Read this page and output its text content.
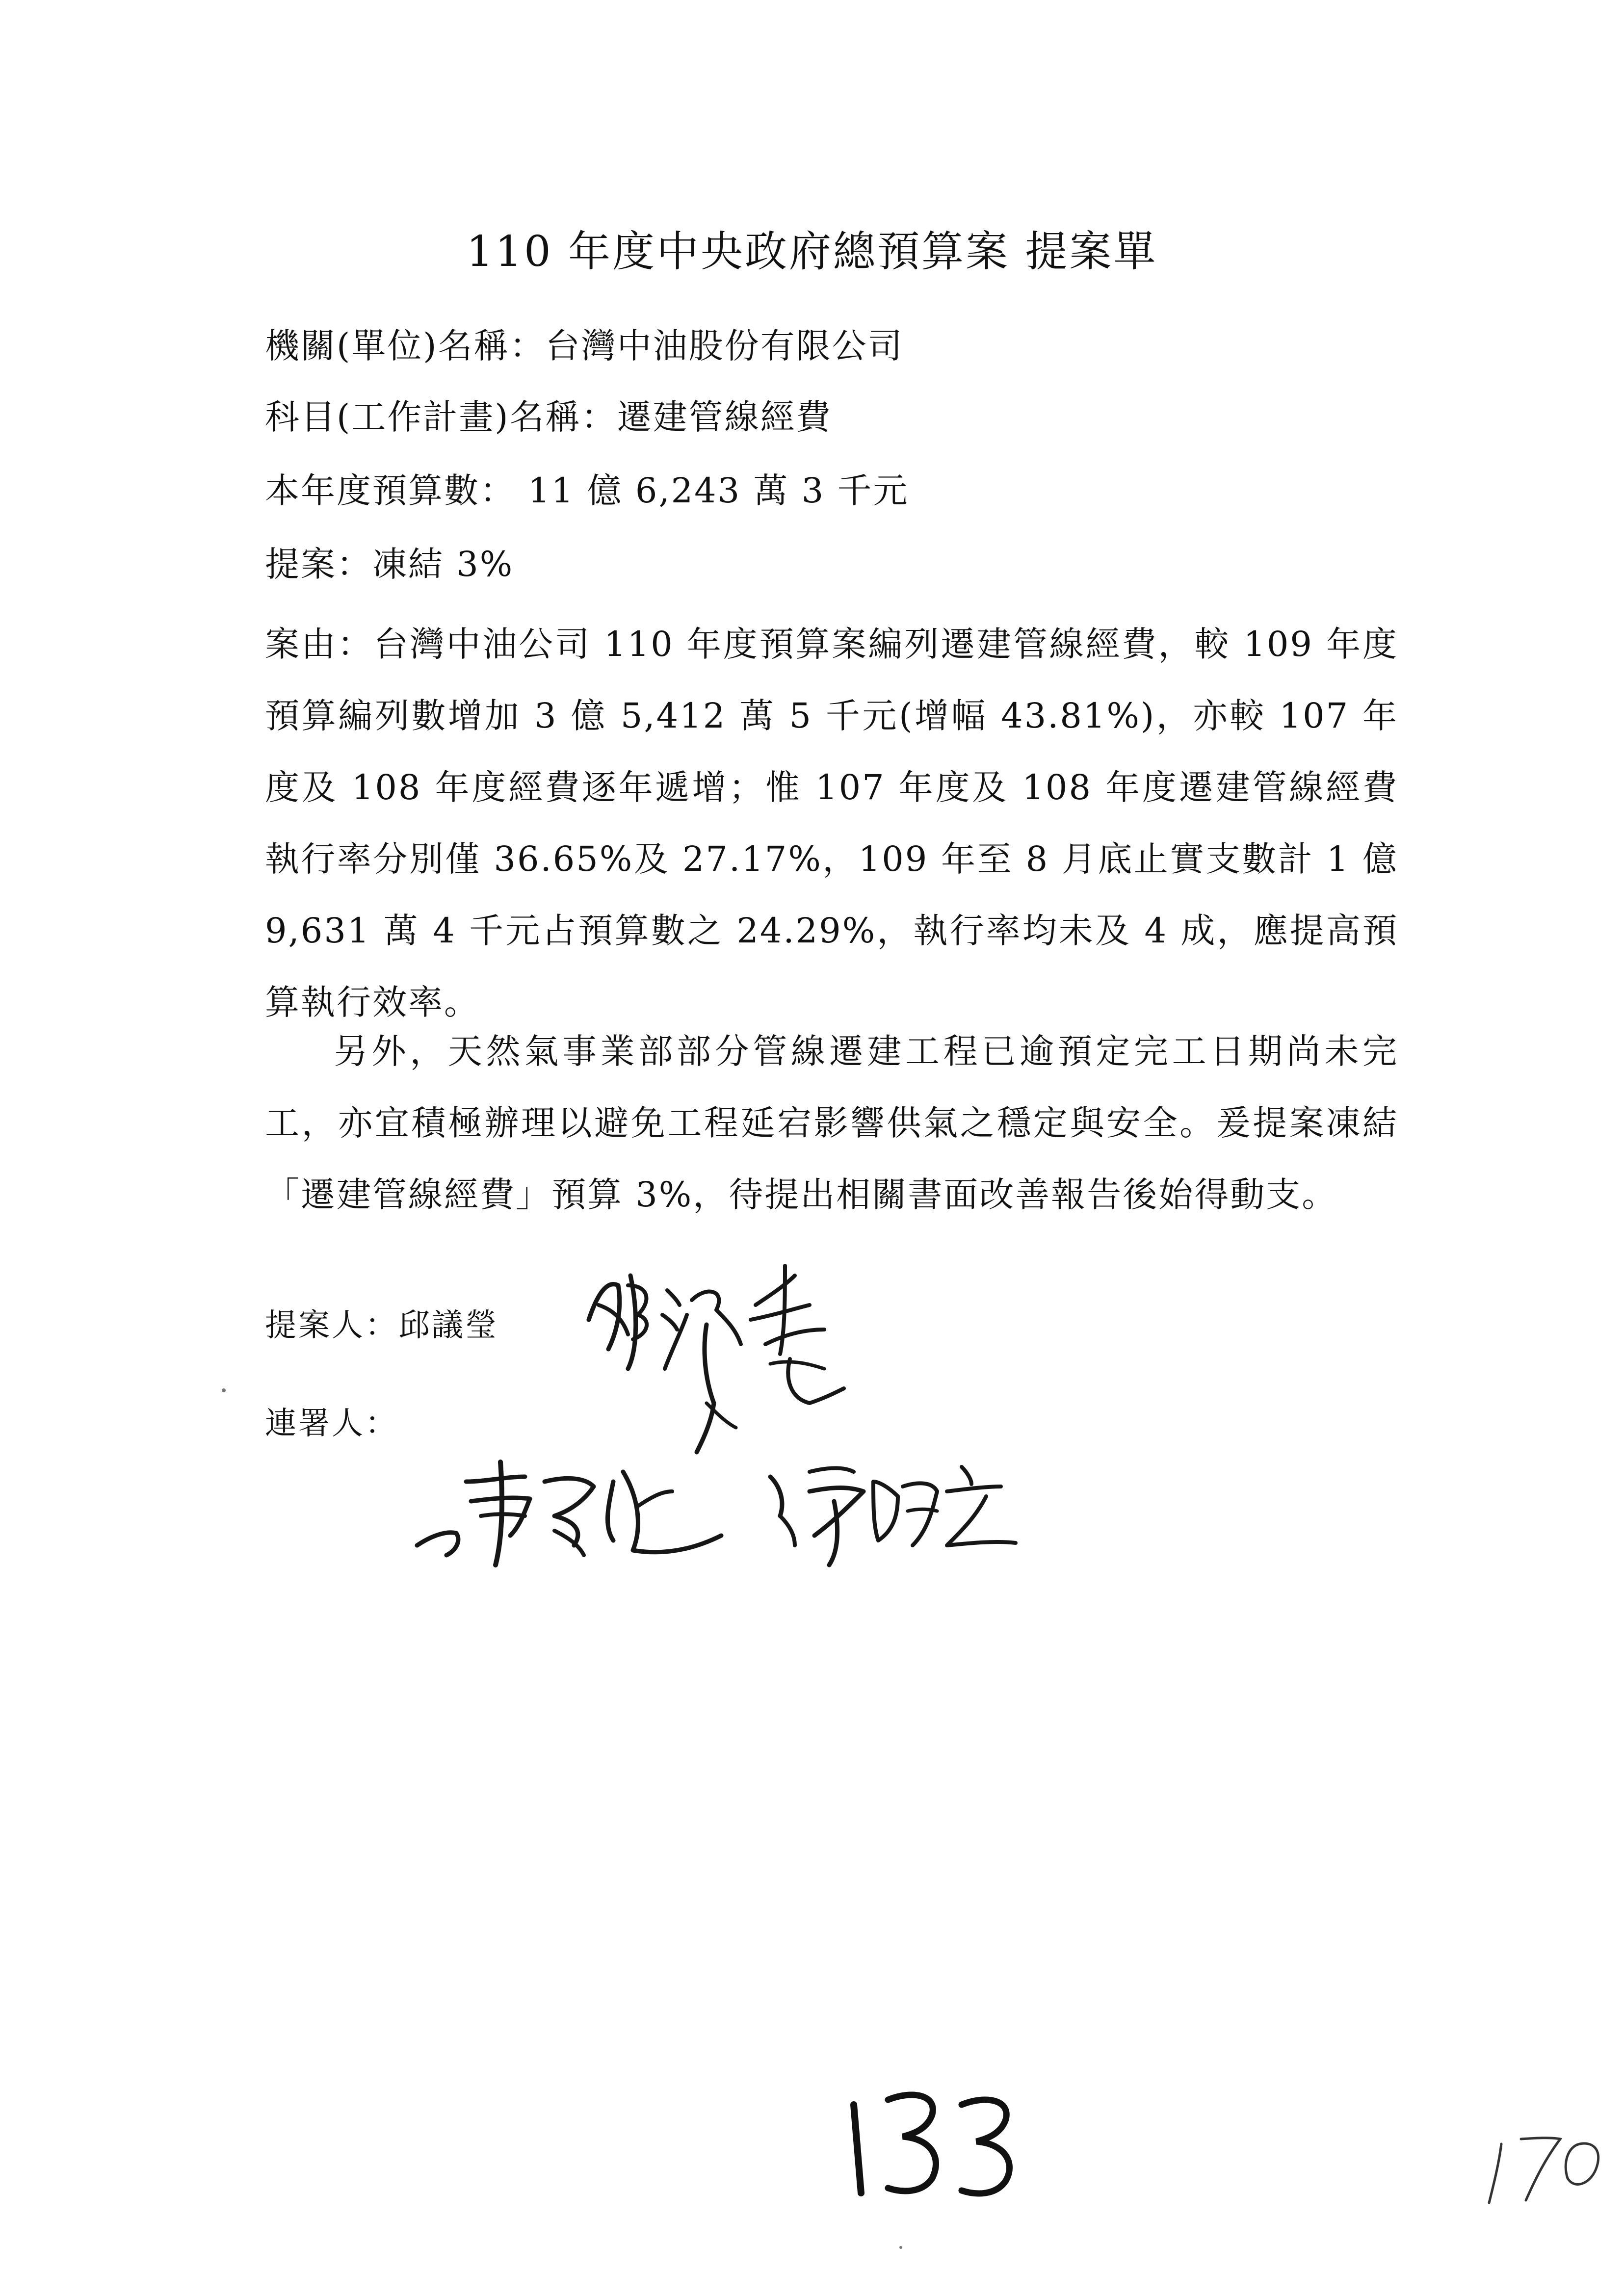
110 年度中央政府總預算案 提案單
機關(單位)名稱：台灣中油股份有限公司
科目(工作計畫)名稱：遷建管線經費
本年度預算數： 11 億 6,243 萬 3 千元
提案：凍結 3%
案由：台灣中油公司 110 年度預算案編列遷建管線經費，較 109 年度預算編列數增加 3 億 5,412 萬 5 千元(增幅 43.81%)，亦較 107 年度及 108 年度經費逐年遞增；惟 107 年度及 108 年度遷建管線經費執行率分別僅 36.65%及 27.17%，109 年至 8 月底止實支數計 1 億 9,631 萬 4 千元占預算數之 24.29%，執行率均未及 4 成，應提高預算執行效率。
另外，天然氣事業部部分管線遷建工程已逾預定完工日期尚未完工，亦宜積極辦理以避免工程延宕影響供氣之穩定與安全。爰提案凍結「遷建管線經費」預算 3%，待提出相關書面改善報告後始得動支。
提案人：邱議瑩
連署人：
133 170
